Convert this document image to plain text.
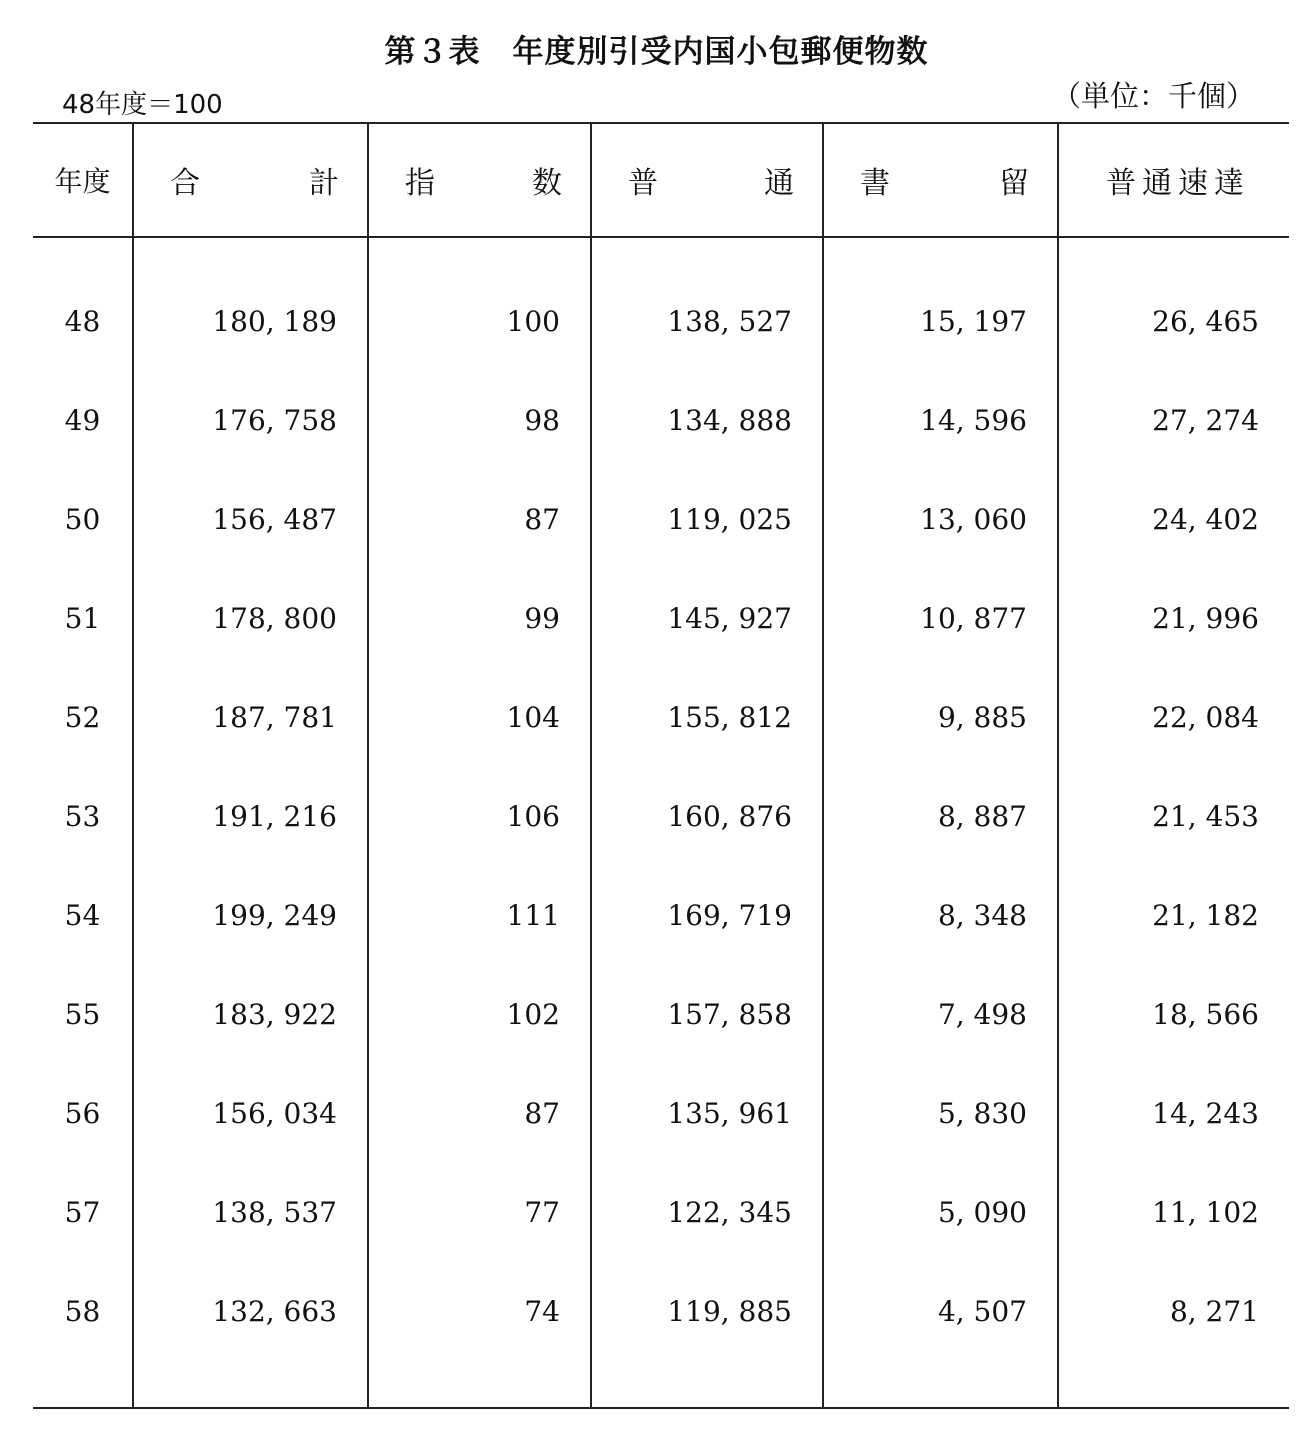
第３表　年度別引受内国小包郵便物数
48年度＝100	（単位：千個）
年度	合 計	指 数	普 通	書 留	普通速達

48	180, 189	100	138, 527	15, 197	26, 465
49	176, 758	98	134, 888	14, 596	27, 274
50	156, 487	87	119, 025	13, 060	24, 402
51	178, 800	99	145, 927	10, 877	21, 996
52	187, 781	104	155, 812	9, 885	22, 084
53	191, 216	106	160, 876	8, 887	21, 453
54	199, 249	111	169, 719	8, 348	21, 182
55	183, 922	102	157, 858	7, 498	18, 566
56	156, 034	87	135, 961	5, 830	14, 243
57	138, 537	77	122, 345	5, 090	11, 102
58	132, 663	74	119, 885	4, 507	8, 271
